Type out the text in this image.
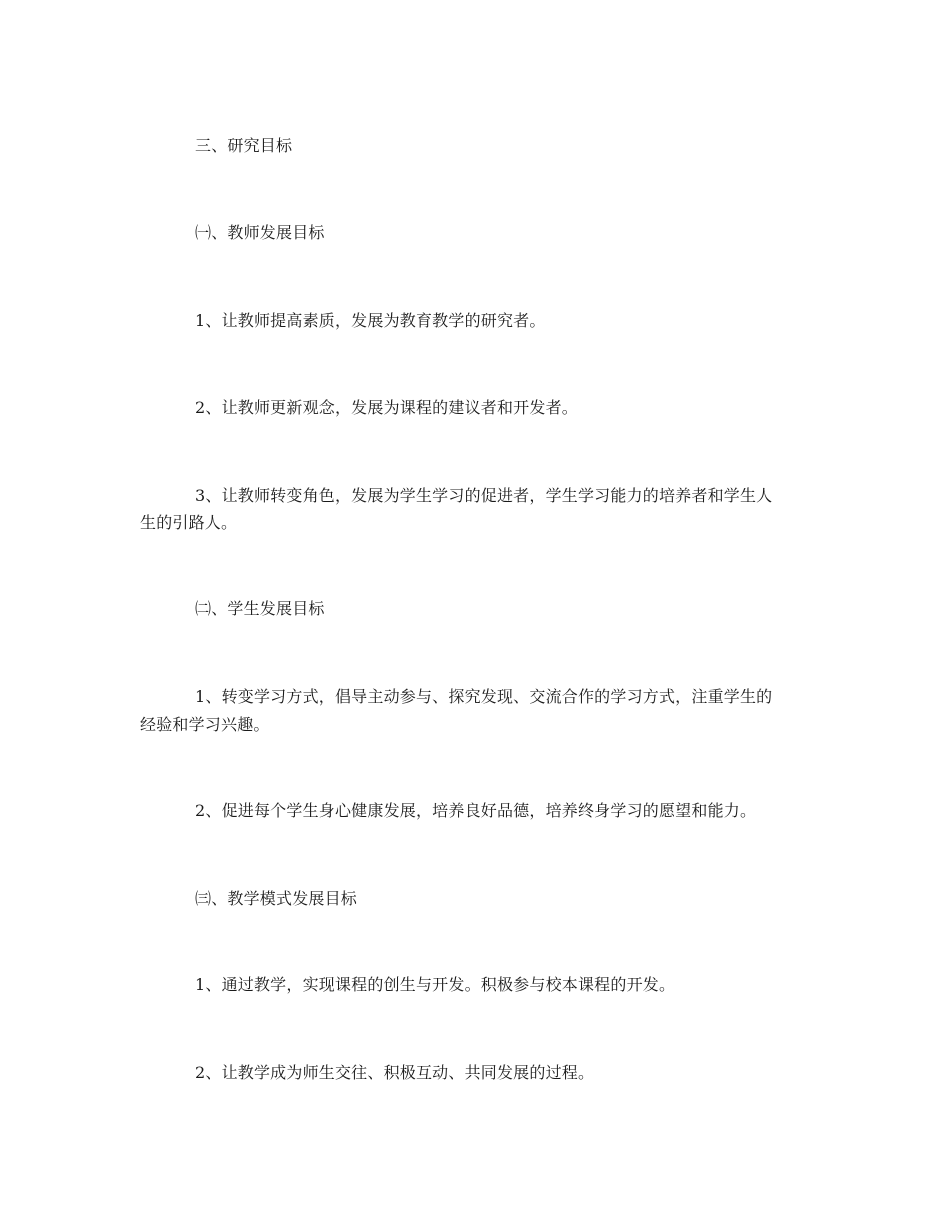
三、研究目标
㈠、教师发展目标
1、让教师提高素质，发展为教育教学的研究者。
2、让教师更新观念，发展为课程的建议者和开发者。
3、让教师转变角色，发展为学生学习的促进者，学生学习能力的培养者和学生人
生的引路人。
㈡、学生发展目标
1、转变学习方式，倡导主动参与、探究发现、交流合作的学习方式，注重学生的
经验和学习兴趣。
2、促进每个学生身心健康发展，培养良好品德，培养终身学习的愿望和能力。
㈢、教学模式发展目标
1、通过教学，实现课程的创生与开发。积极参与校本课程的开发。
2、让教学成为师生交往、积极互动、共同发展的过程。
